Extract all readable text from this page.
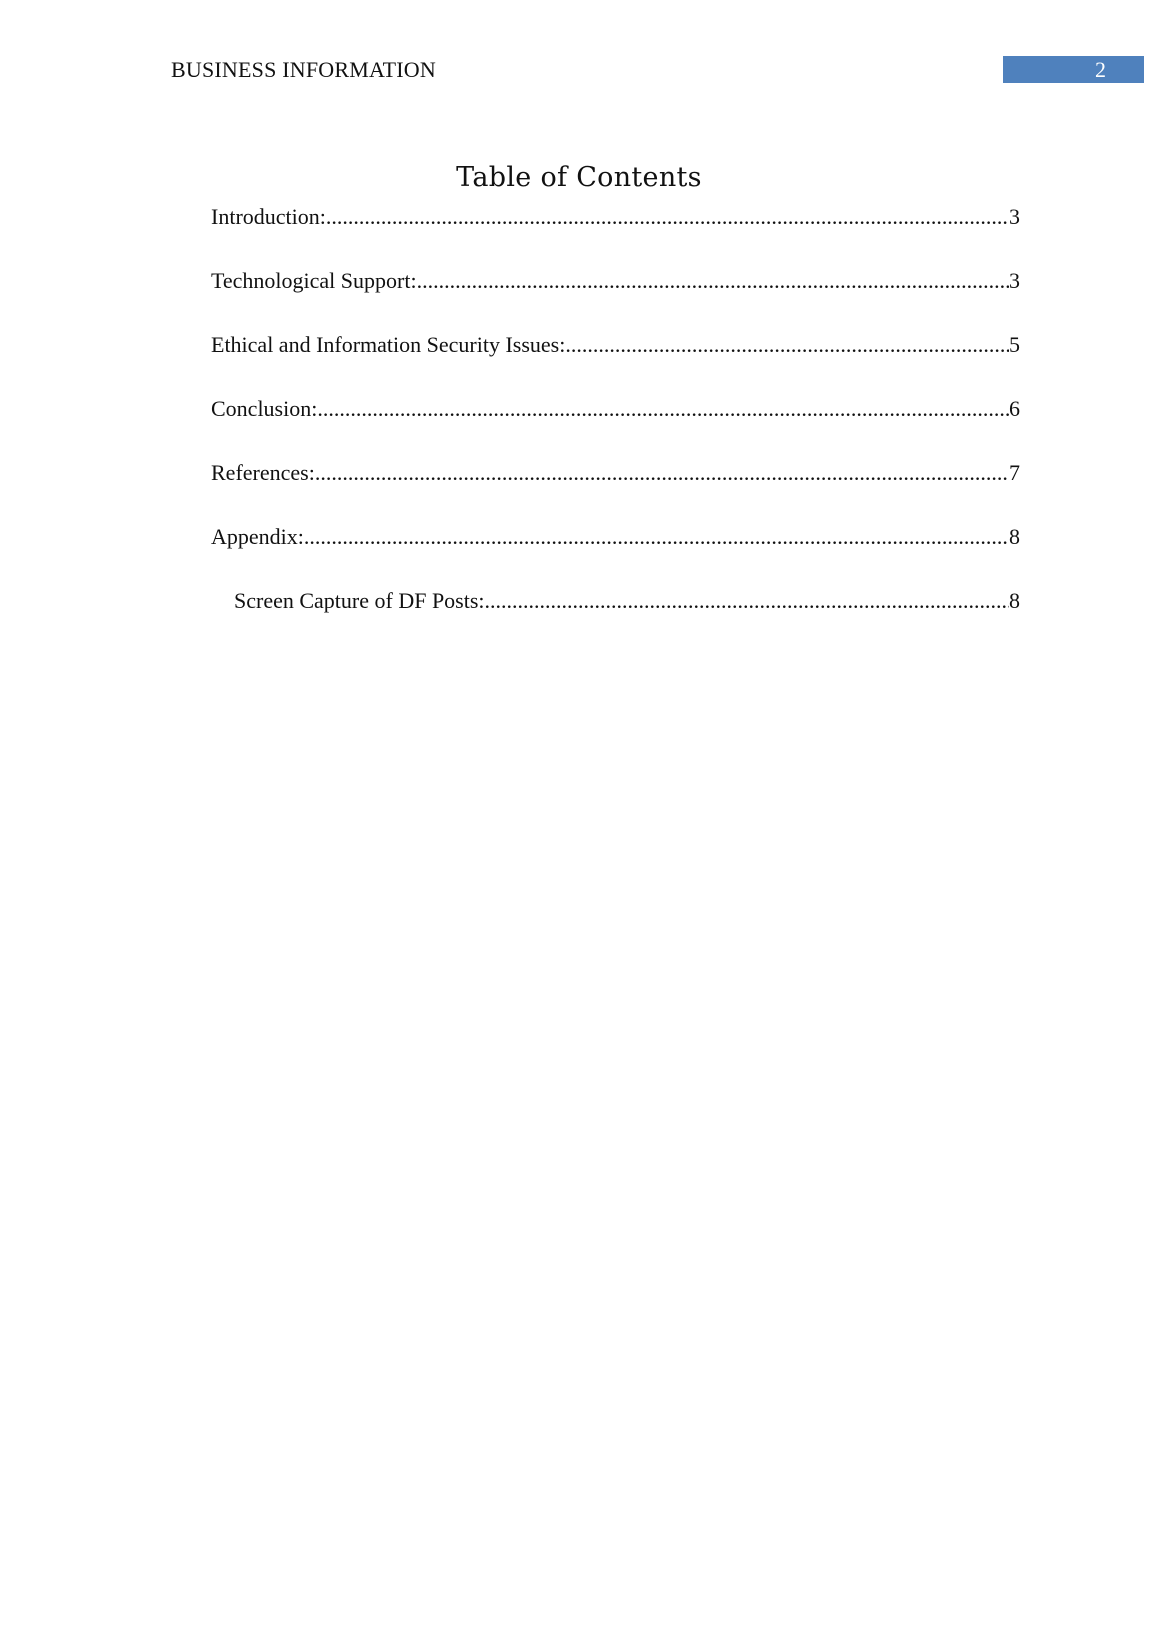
BUSINESS INFORMATION	2
Table of Contents
Introduction: .....	3
Technological Support: .....	3
Ethical and Information Security Issues: .....	5
Conclusion: .....	6
References: .....	7
Appendix: .....	8
Screen Capture of DF Posts: .....	8
